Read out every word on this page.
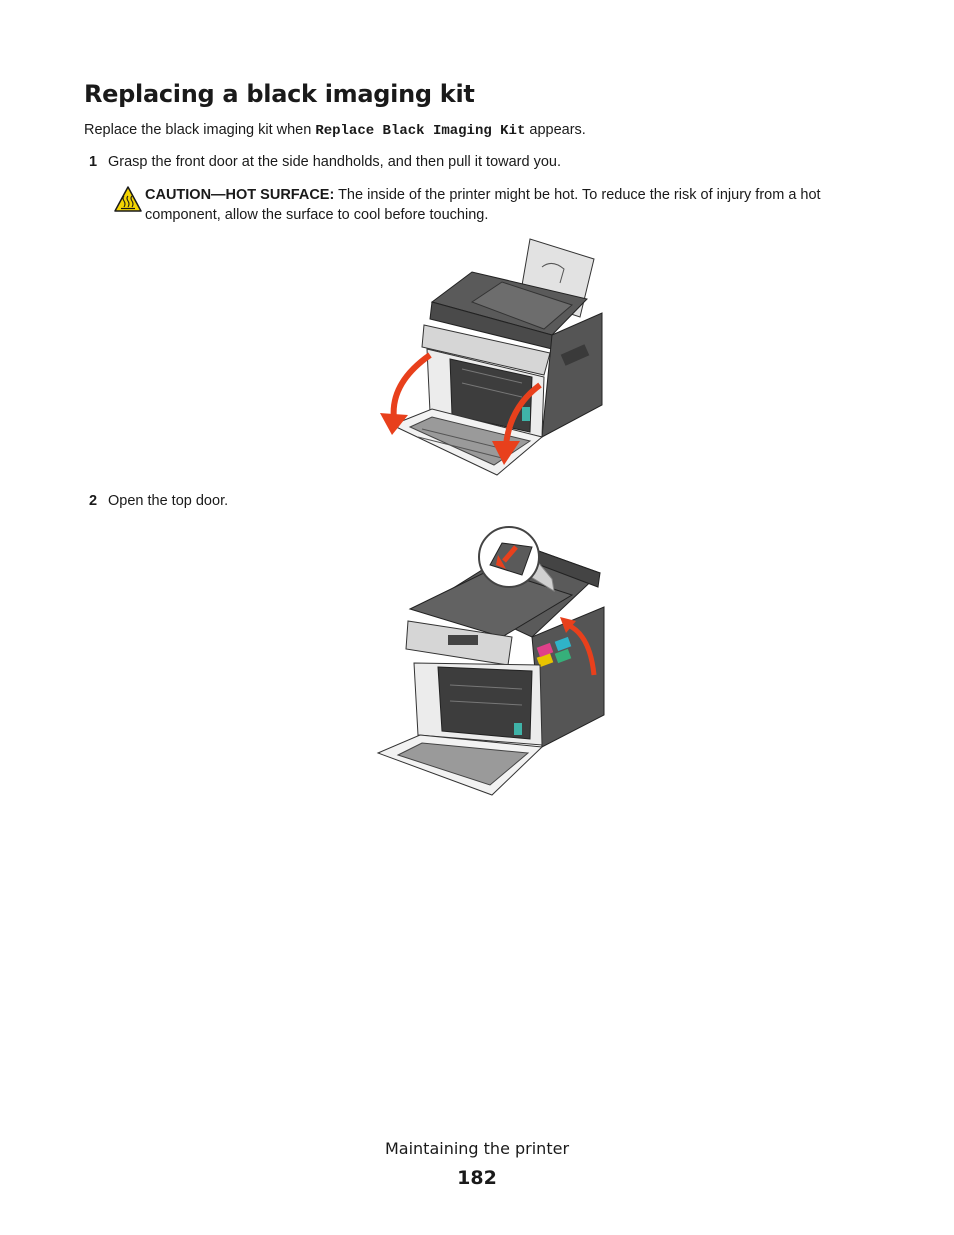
Replacing a black imaging kit
Replace the black imaging kit when Replace Black Imaging Kit appears.
1 Grasp the front door at the side handholds, and then pull it toward you.
CAUTION—HOT SURFACE: The inside of the printer might be hot. To reduce the risk of injury from a hot component, allow the surface to cool before touching.
2 Open the top door.
Maintaining the printer
182
